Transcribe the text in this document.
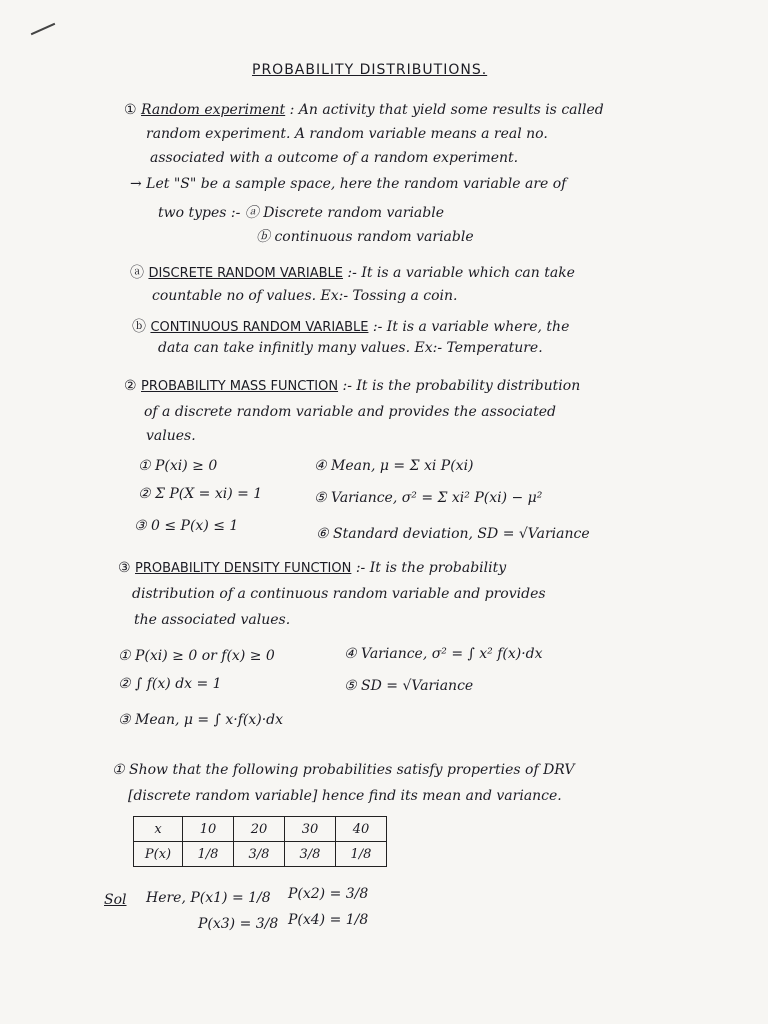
PROBABILITY DISTRIBUTIONS.
① Random experiment : An activity that yield some results is called
random experiment. A random variable means a real no.
associated with a outcome of a random experiment.
→ Let "S" be a sample space, here the random variable are of
two types :- ⓐ Discrete random variable
ⓑ continuous random variable
ⓐ DISCRETE RANDOM VARIABLE :- It is a variable which can take
countable no of values. Ex:- Tossing a coin.
ⓑ CONTINUOUS RANDOM VARIABLE :- It is a variable where, the
data can take infinitly many values. Ex:- Temperature.
② PROBABILITY MASS FUNCTION :- It is the probability distribution
of a discrete random variable and provides the associated
values.
① P(xi) ≥ 0
② Σ P(X = xi) = 1
③ 0 ≤ P(x) ≤ 1
④ Mean, μ = Σ xi P(xi)
⑤ Variance, σ² = Σ xi² P(xi) − μ²
⑥ Standard deviation, SD = √Variance
③ PROBABILITY DENSITY FUNCTION :- It is the probability
distribution of a continuous random variable and provides
the associated values.
① P(xi) ≥ 0 or f(x) ≥ 0
② ∫ f(x) dx = 1
③ Mean, μ = ∫ x·f(x)·dx
④ Variance, σ² = ∫ x² f(x)·dx
⑤ SD = √Variance
① Show that the following probabilities satisfy properties of DRV
[discrete random variable] hence find its mean and variance.
x	10	20	30	40
P(x)	1/8	3/8	3/8	1/8
Sol Here, P(x1) = 1/8 P(x2) = 3/8
P(x3) = 3/8 P(x4) = 1/8
